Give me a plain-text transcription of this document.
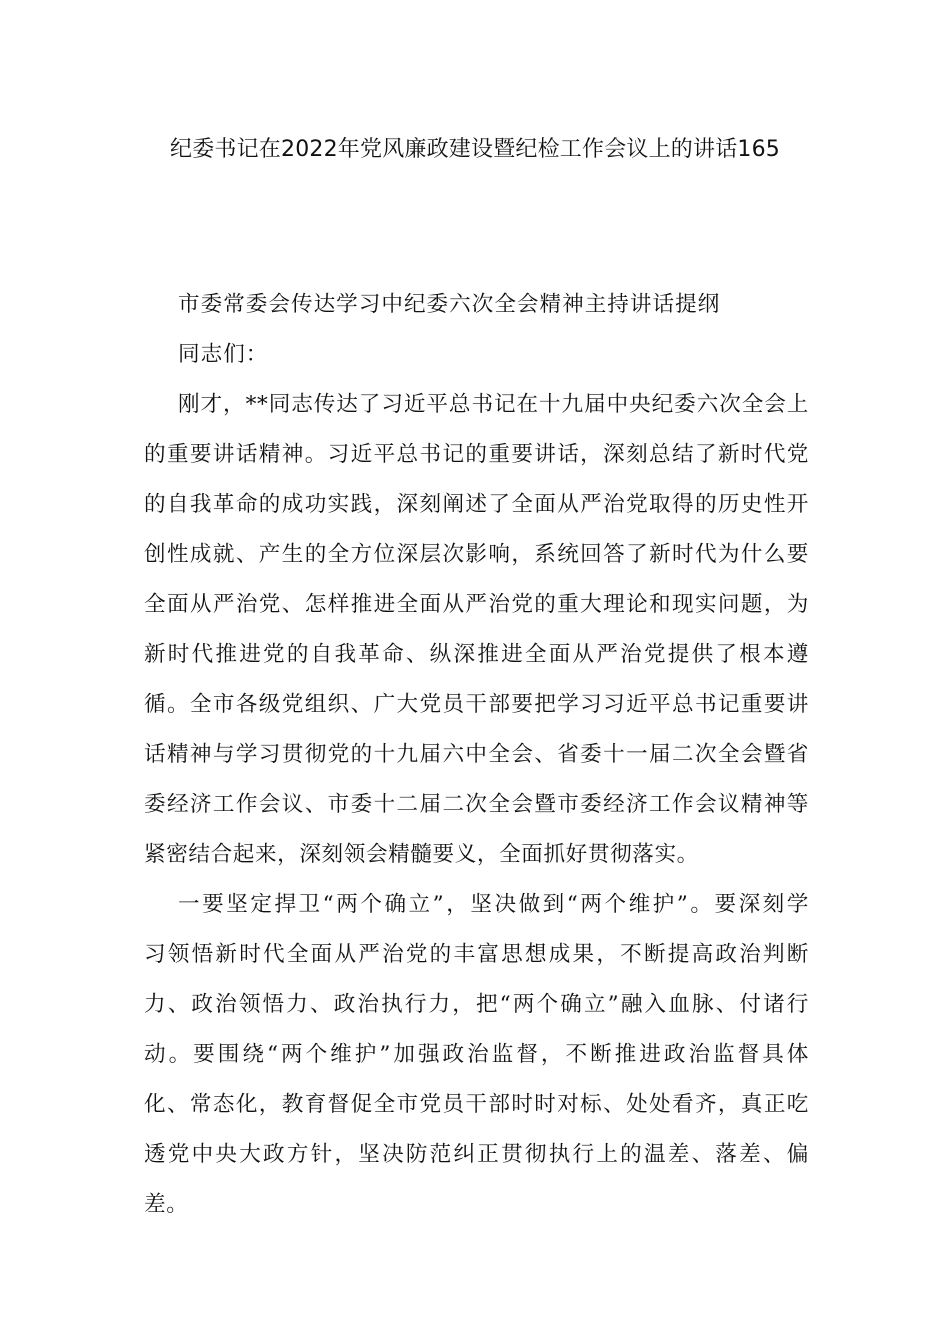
纪委书记在2022年党风廉政建设暨纪检工作会议上的讲话165
市委常委会传达学习中纪委六次全会精神主持讲话提纲
同志们：
刚才，**同志传达了习近平总书记在十九届中央纪委六次全会上
的重要讲话精神。习近平总书记的重要讲话，深刻总结了新时代党
的自我革命的成功实践，深刻阐述了全面从严治党取得的历史性开
创性成就、产生的全方位深层次影响，系统回答了新时代为什么要
全面从严治党、怎样推进全面从严治党的重大理论和现实问题，为
新时代推进党的自我革命、纵深推进全面从严治党提供了根本遵
循。全市各级党组织、广大党员干部要把学习习近平总书记重要讲
话精神与学习贯彻党的十九届六中全会、省委十一届二次全会暨省
委经济工作会议、市委十二届二次全会暨市委经济工作会议精神等
紧密结合起来，深刻领会精髓要义，全面抓好贯彻落实。
一要坚定捍卫“两个确立”，坚决做到“两个维护”。要深刻学
习领悟新时代全面从严治党的丰富思想成果，不断提高政治判断
力、政治领悟力、政治执行力，把“两个确立”融入血脉、付诸行
动。要围绕“两个维护”加强政治监督，不断推进政治监督具体
化、常态化，教育督促全市党员干部时时对标、处处看齐，真正吃
透党中央大政方针，坚决防范纠正贯彻执行上的温差、落差、偏
差。
